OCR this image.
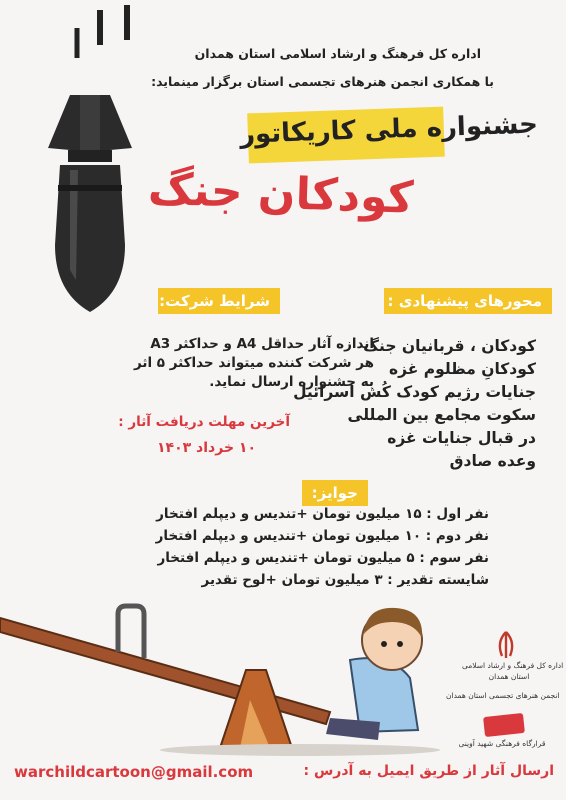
اداره کل فرهنگ و ارشاد اسلامی استان همدان
با همکاری انجمن هنرهای تجسمی استان برگزار مینماید:
جشنواره ملی کاریکاتور
کودکان جنگ
محورهای پیشنهادی :
شرایط شرکت:
کودکان ، قربانیان جنگ
کودکانِ مظلوم غزه
جنایات رژیم کودک کُش اسرائیل
سکوت مجامع بین المللی
در قبال جنایات غزه
وعده صادق
اندازه آثار حداقل A4 و حداکثر A3
هر شرکت کننده میتواند حداکثر ۵ اثر
به جشنواره ارسال نماید.
آخرین مهلت دریافت آثار :
۱۰ خرداد ۱۴۰۳
جوایز:
نفر اول : ۱۵ میلیون تومان +تندیس و دیپلم افتخار
نفر دوم : ۱۰ میلیون تومان +تندیس و دیپلم افتخار
نفر سوم : ۵ میلیون تومان +تندیس و دیپلم افتخار
شایسته تقدیر : ۳ میلیون تومان +لوح تقدیر
اداره کل فرهنگ و ارشاد اسلامی
استان همدان
انجمن هنرهای تجسمی استان همدان
قرارگاه فرهنگی شهید آوینی
warchildcartoon@gmail.com	ارسال آثار از طریق ایمیل به آدرس :
